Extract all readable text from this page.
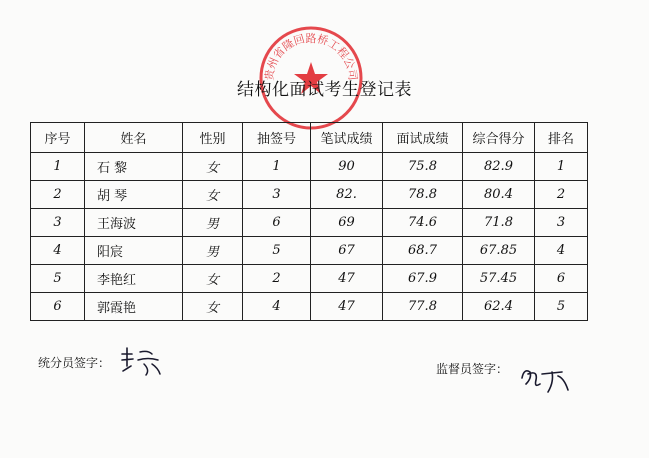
贵州省隆回路桥工程公司
结构化面试考生登记表
序号	姓名	性别	抽签号	笔试成绩	面试成绩	综合得分	排名
1	石 黎	女	1	90	75.8	82.9	1
2	胡 琴	女	3	82.	78.8	80.4	2
3	王海波	男	6	69	74.6	71.8	3
4	阳宸	男	5	67	68.7	67.85	4
5	李艳红	女	2	47	67.9	57.45	6
6	郭霞艳	女	4	47	77.8	62.4	5
统分员签字：	监督员签字：
